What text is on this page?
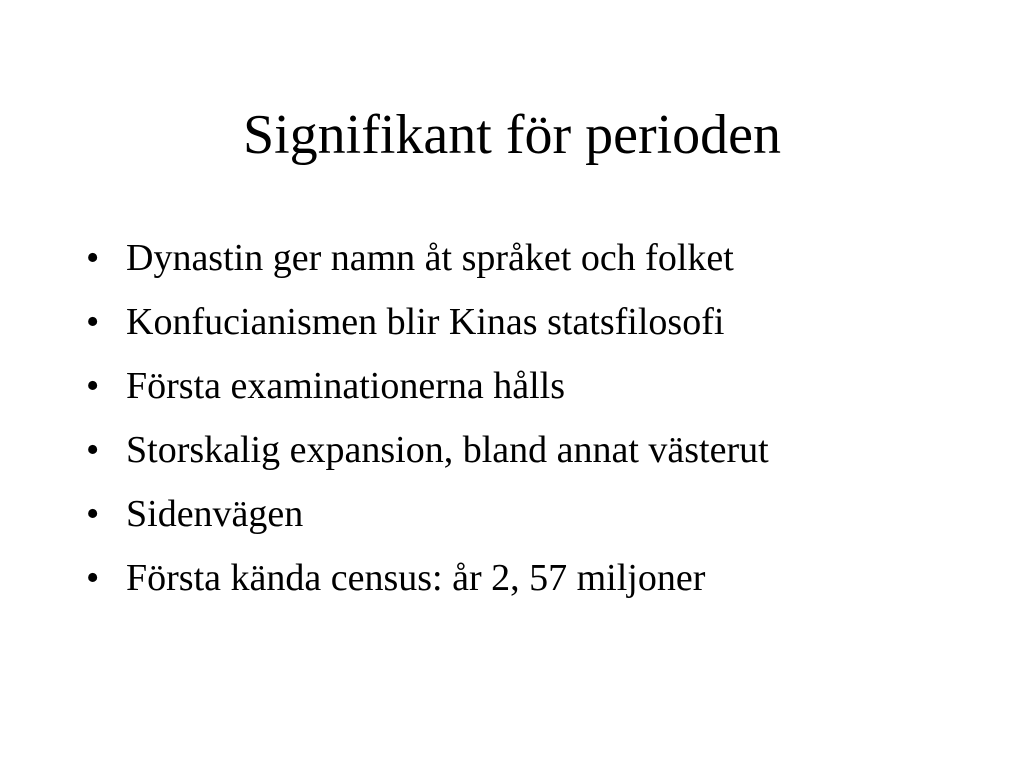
Signifikant för perioden
• Dynastin ger namn åt språket och folket
• Konfucianismen blir Kinas statsfilosofi
• Första examinationerna hålls
• Storskalig expansion, bland annat västerut
• Sidenvägen
• Första kända census: år 2, 57 miljoner
